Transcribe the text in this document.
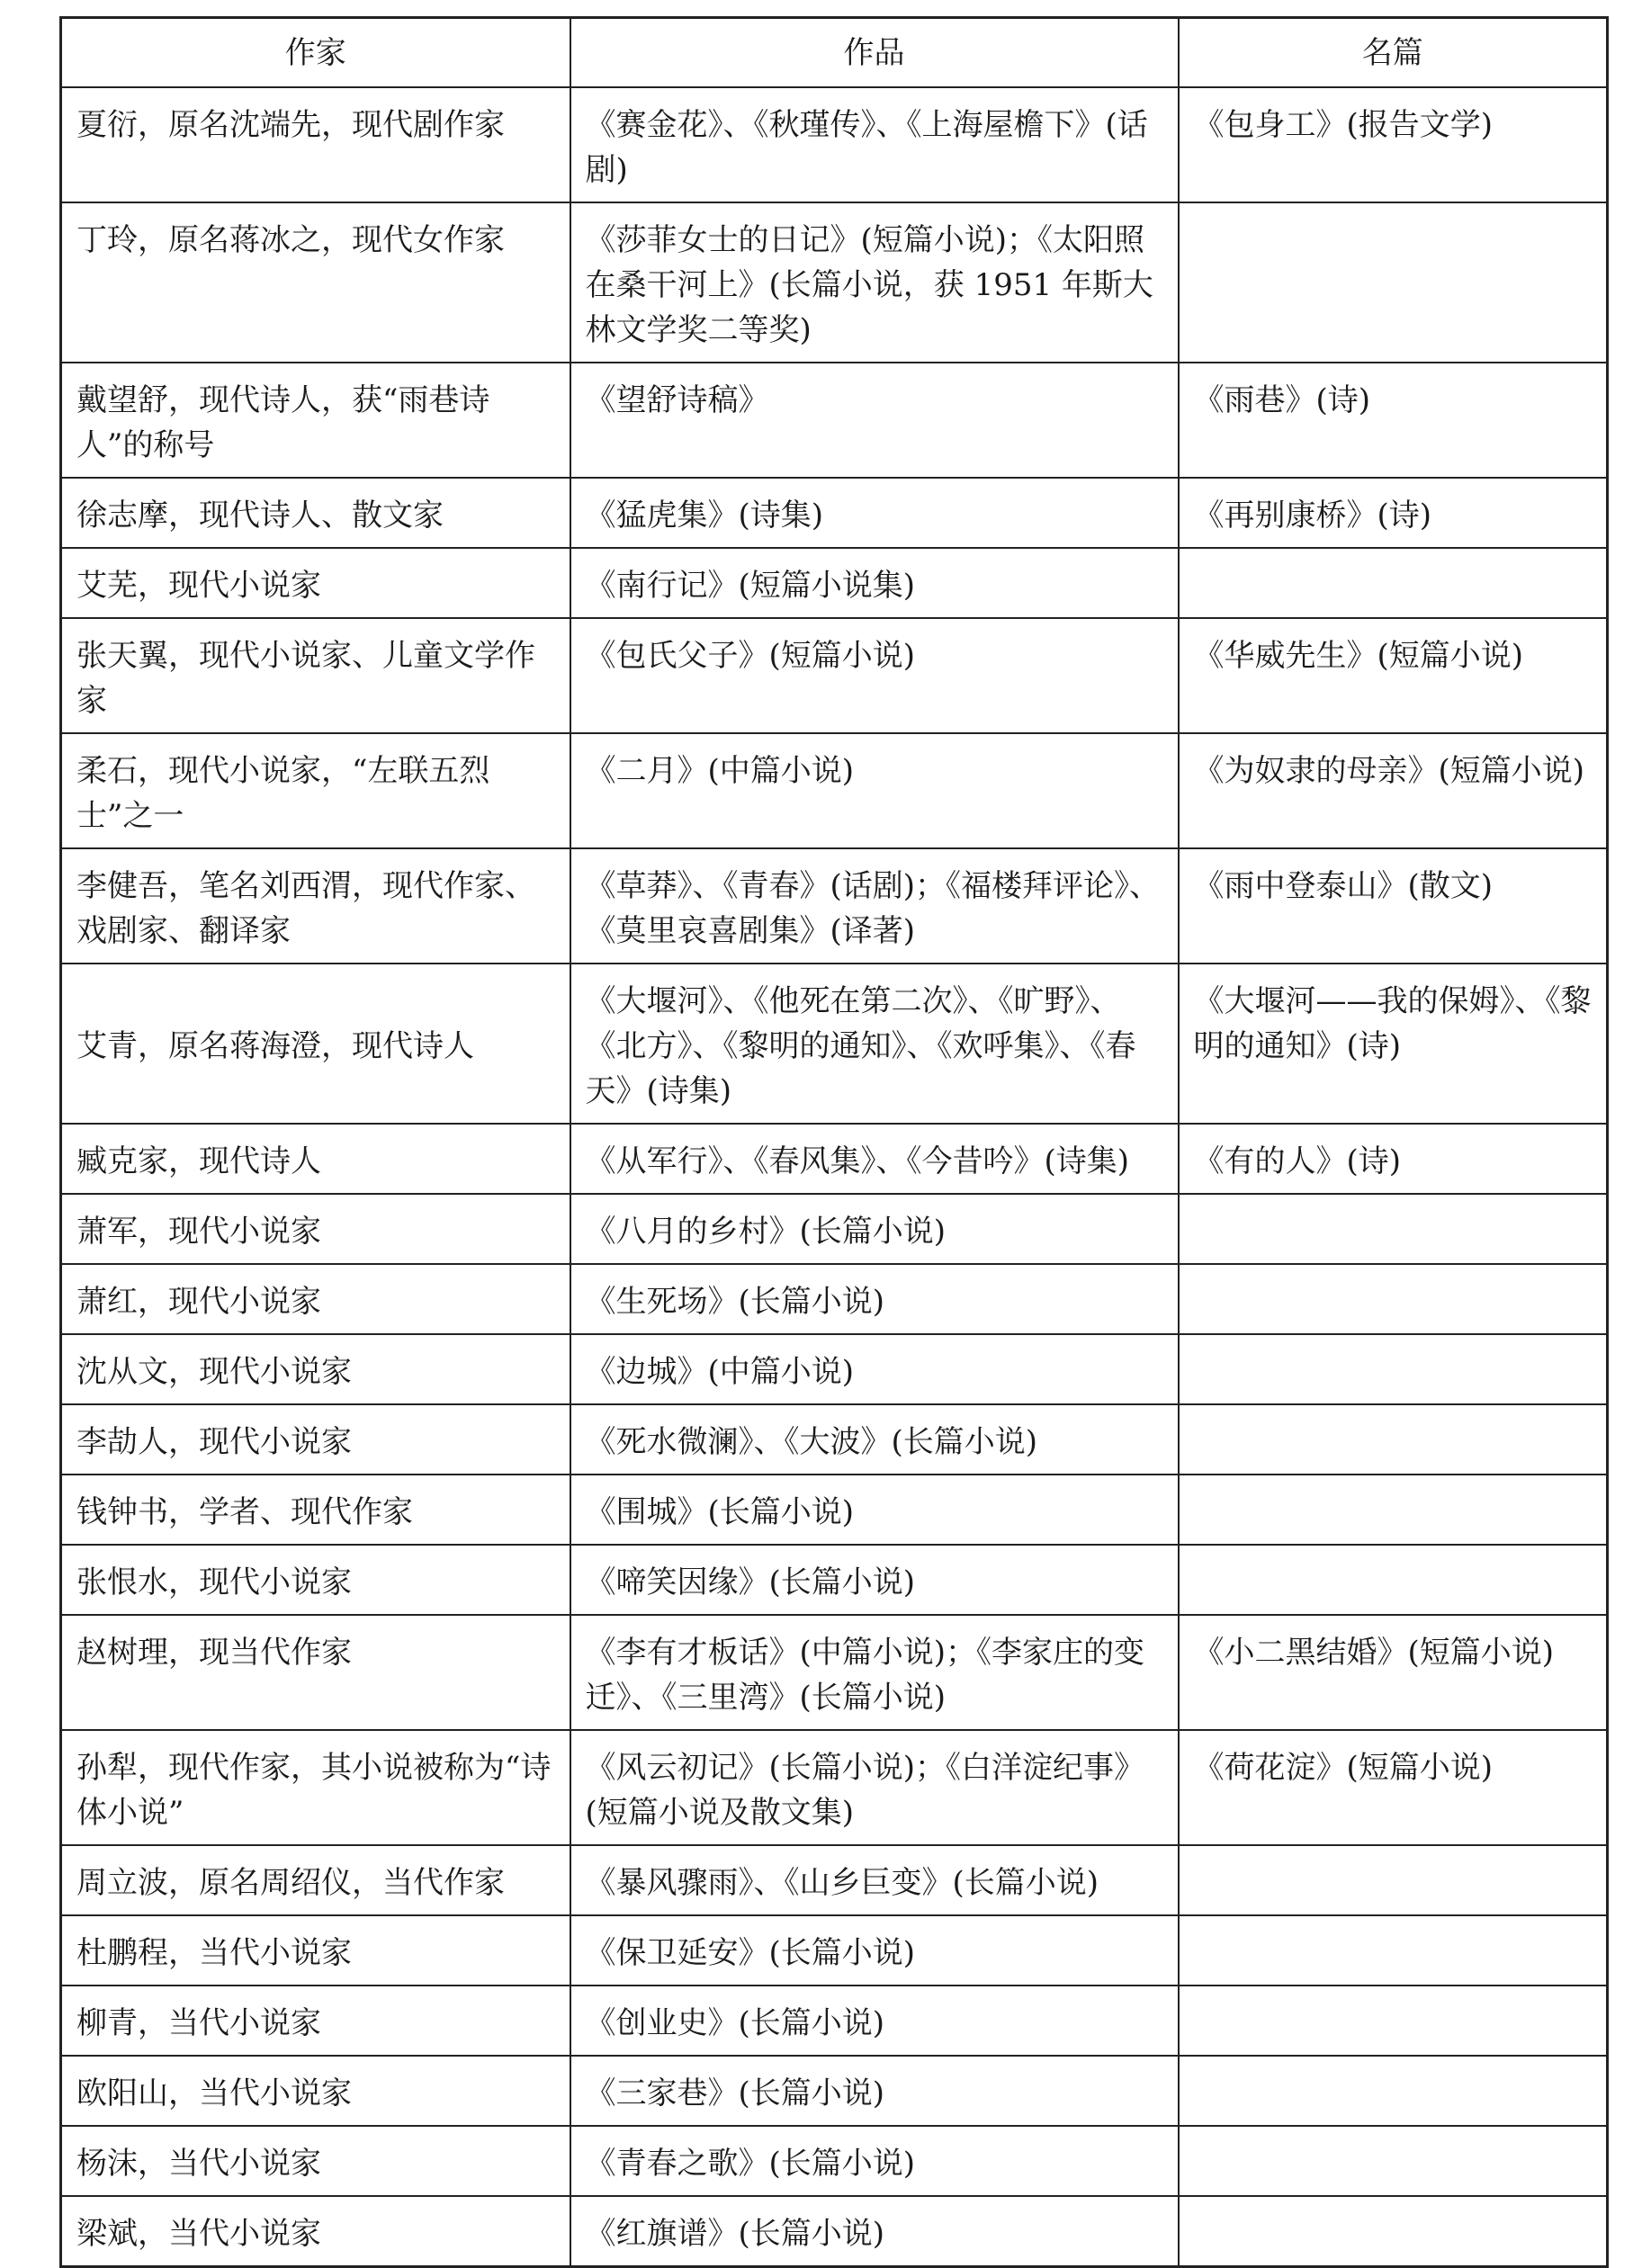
作家	作品	名篇
夏衍，原名沈端先，现代剧作家	《赛金花》、《秋瑾传》、《上海屋檐下》(话剧)	《包身工》(报告文学)
丁玲，原名蒋冰之，现代女作家	《莎菲女士的日记》(短篇小说)；《太阳照在桑干河上》(长篇小说，获 1951 年斯大林文学奖二等奖)	
戴望舒，现代诗人，获“雨巷诗人”的称号	《望舒诗稿》	《雨巷》(诗)
徐志摩，现代诗人、散文家	《猛虎集》(诗集)	《再别康桥》(诗)
艾芜，现代小说家	《南行记》(短篇小说集)	
张天翼，现代小说家、儿童文学作家	《包氏父子》(短篇小说)	《华威先生》(短篇小说)
柔石，现代小说家，“左联五烈士”之一	《二月》(中篇小说)	《为奴隶的母亲》(短篇小说)
李健吾，笔名刘西渭，现代作家、戏剧家、翻译家	《草莽》、《青春》(话剧)；《福楼拜评论》、《莫里哀喜剧集》(译著)	《雨中登泰山》(散文)
艾青，原名蒋海澄，现代诗人	《大堰河》、《他死在第二次》、《旷野》、《北方》、《黎明的通知》、《欢呼集》、《春天》(诗集)	《大堰河——我的保姆》、《黎明的通知》(诗)
臧克家，现代诗人	《从军行》、《春风集》、《今昔吟》(诗集)	《有的人》(诗)
萧军，现代小说家	《八月的乡村》(长篇小说)	
萧红，现代小说家	《生死场》(长篇小说)	
沈从文，现代小说家	《边城》(中篇小说)	
李劼人，现代小说家	《死水微澜》、《大波》(长篇小说)	
钱钟书，学者、现代作家	《围城》(长篇小说)	
张恨水，现代小说家	《啼笑因缘》(长篇小说)	
赵树理，现当代作家	《李有才板话》(中篇小说)；《李家庄的变迁》、《三里湾》(长篇小说)	《小二黑结婚》(短篇小说)
孙犁，现代作家，其小说被称为“诗体小说”	《风云初记》(长篇小说)；《白洋淀纪事》(短篇小说及散文集)	《荷花淀》(短篇小说)
周立波，原名周绍仪，当代作家	《暴风骤雨》、《山乡巨变》(长篇小说)	
杜鹏程，当代小说家	《保卫延安》(长篇小说)	
柳青，当代小说家	《创业史》(长篇小说)	
欧阳山，当代小说家	《三家巷》(长篇小说)	
杨沫，当代小说家	《青春之歌》(长篇小说)	
梁斌，当代小说家	《红旗谱》(长篇小说)	
